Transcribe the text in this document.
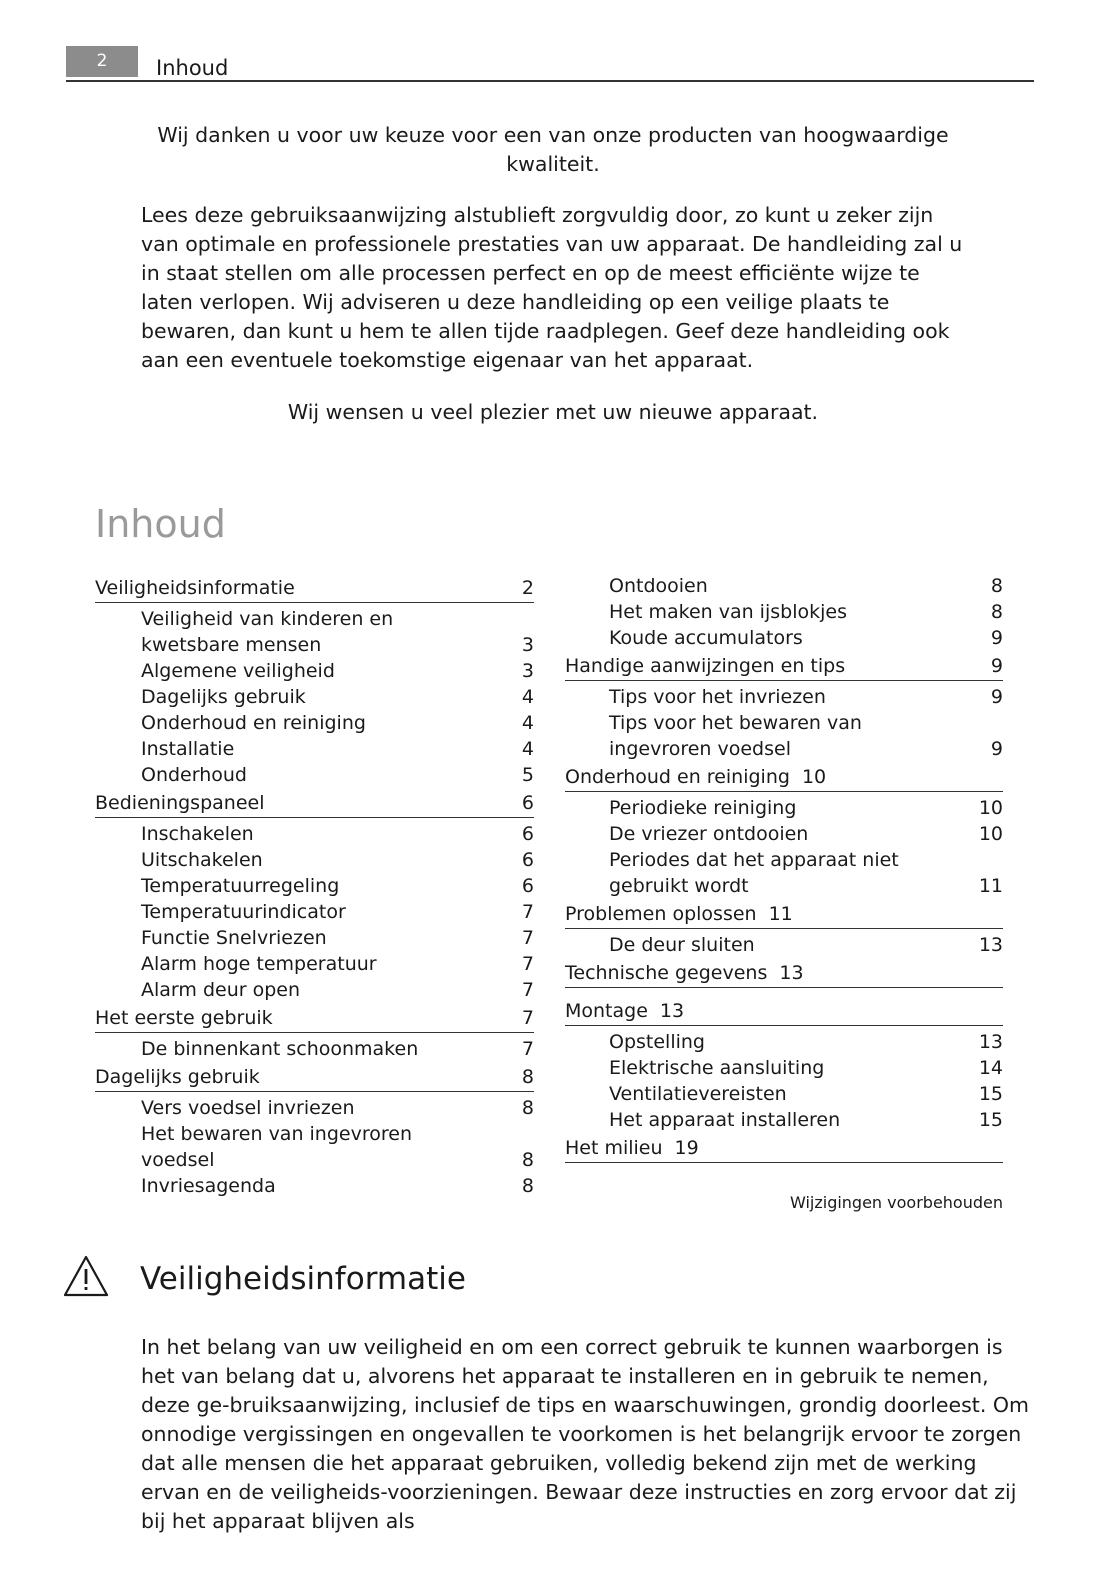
2	Inhoud
Wij danken u voor uw keuze voor een van onze producten van hoogwaardige kwaliteit.
Lees deze gebruiksaanwijzing alstublieft zorgvuldig door, zo kunt u zeker zijn van optimale en professionele prestaties van uw apparaat. De handleiding zal u in staat stellen om alle processen perfect en op de meest efficiënte wijze te laten verlopen. Wij adviseren u deze handleiding op een veilige plaats te bewaren, dan kunt u hem te allen tijde raadplegen. Geef deze handleiding ook aan een eventuele toekomstige eigenaar van het apparaat.
Wij wensen u veel plezier met uw nieuwe apparaat.
Inhoud
Veiligheidsinformatie	2
Veiligheid van kinderen en kwetsbare mensen	3
Algemene veiligheid	3
Dagelijks gebruik	4
Onderhoud en reiniging	4
Installatie	4
Onderhoud	5
Bedieningspaneel	6
Inschakelen	6
Uitschakelen	6
Temperatuurregeling	6
Temperatuurindicator	7
Functie Snelvriezen	7
Alarm hoge temperatuur	7
Alarm deur open	7
Het eerste gebruik	7
De binnenkant schoonmaken	7
Dagelijks gebruik	8
Vers voedsel invriezen	8
Het bewaren van ingevroren voedsel	8
Invriesagenda	8
Ontdooien	8
Het maken van ijsblokjes	8
Koude accumulators	9
Handige aanwijzingen en tips	9
Tips voor het invriezen	9
Tips voor het bewaren van ingevroren voedsel	9
Onderhoud en reiniging 10
Periodieke reiniging	10
De vriezer ontdooien	10
Periodes dat het apparaat niet gebruikt wordt	11
Problemen oplossen 11
De deur sluiten	13
Technische gegevens 13
Montage 13
Opstelling	13
Elektrische aansluiting	14
Ventilatievereisten	15
Het apparaat installeren	15
Het milieu 19
Wijzigingen voorbehouden
Veiligheidsinformatie
In het belang van uw veiligheid en om een correct gebruik te kunnen waarborgen is het van belang dat u, alvorens het apparaat te installeren en in gebruik te nemen, deze ge-bruiksaanwijzing, inclusief de tips en waarschuwingen, grondig doorleest. Om onnodige vergissingen en ongevallen te voorkomen is het belangrijk ervoor te zorgen dat alle mensen die het apparaat gebruiken, volledig bekend zijn met de werking ervan en de veiligheids-voorzieningen. Bewaar deze instructies en zorg ervoor dat zij bij het apparaat blijven als
